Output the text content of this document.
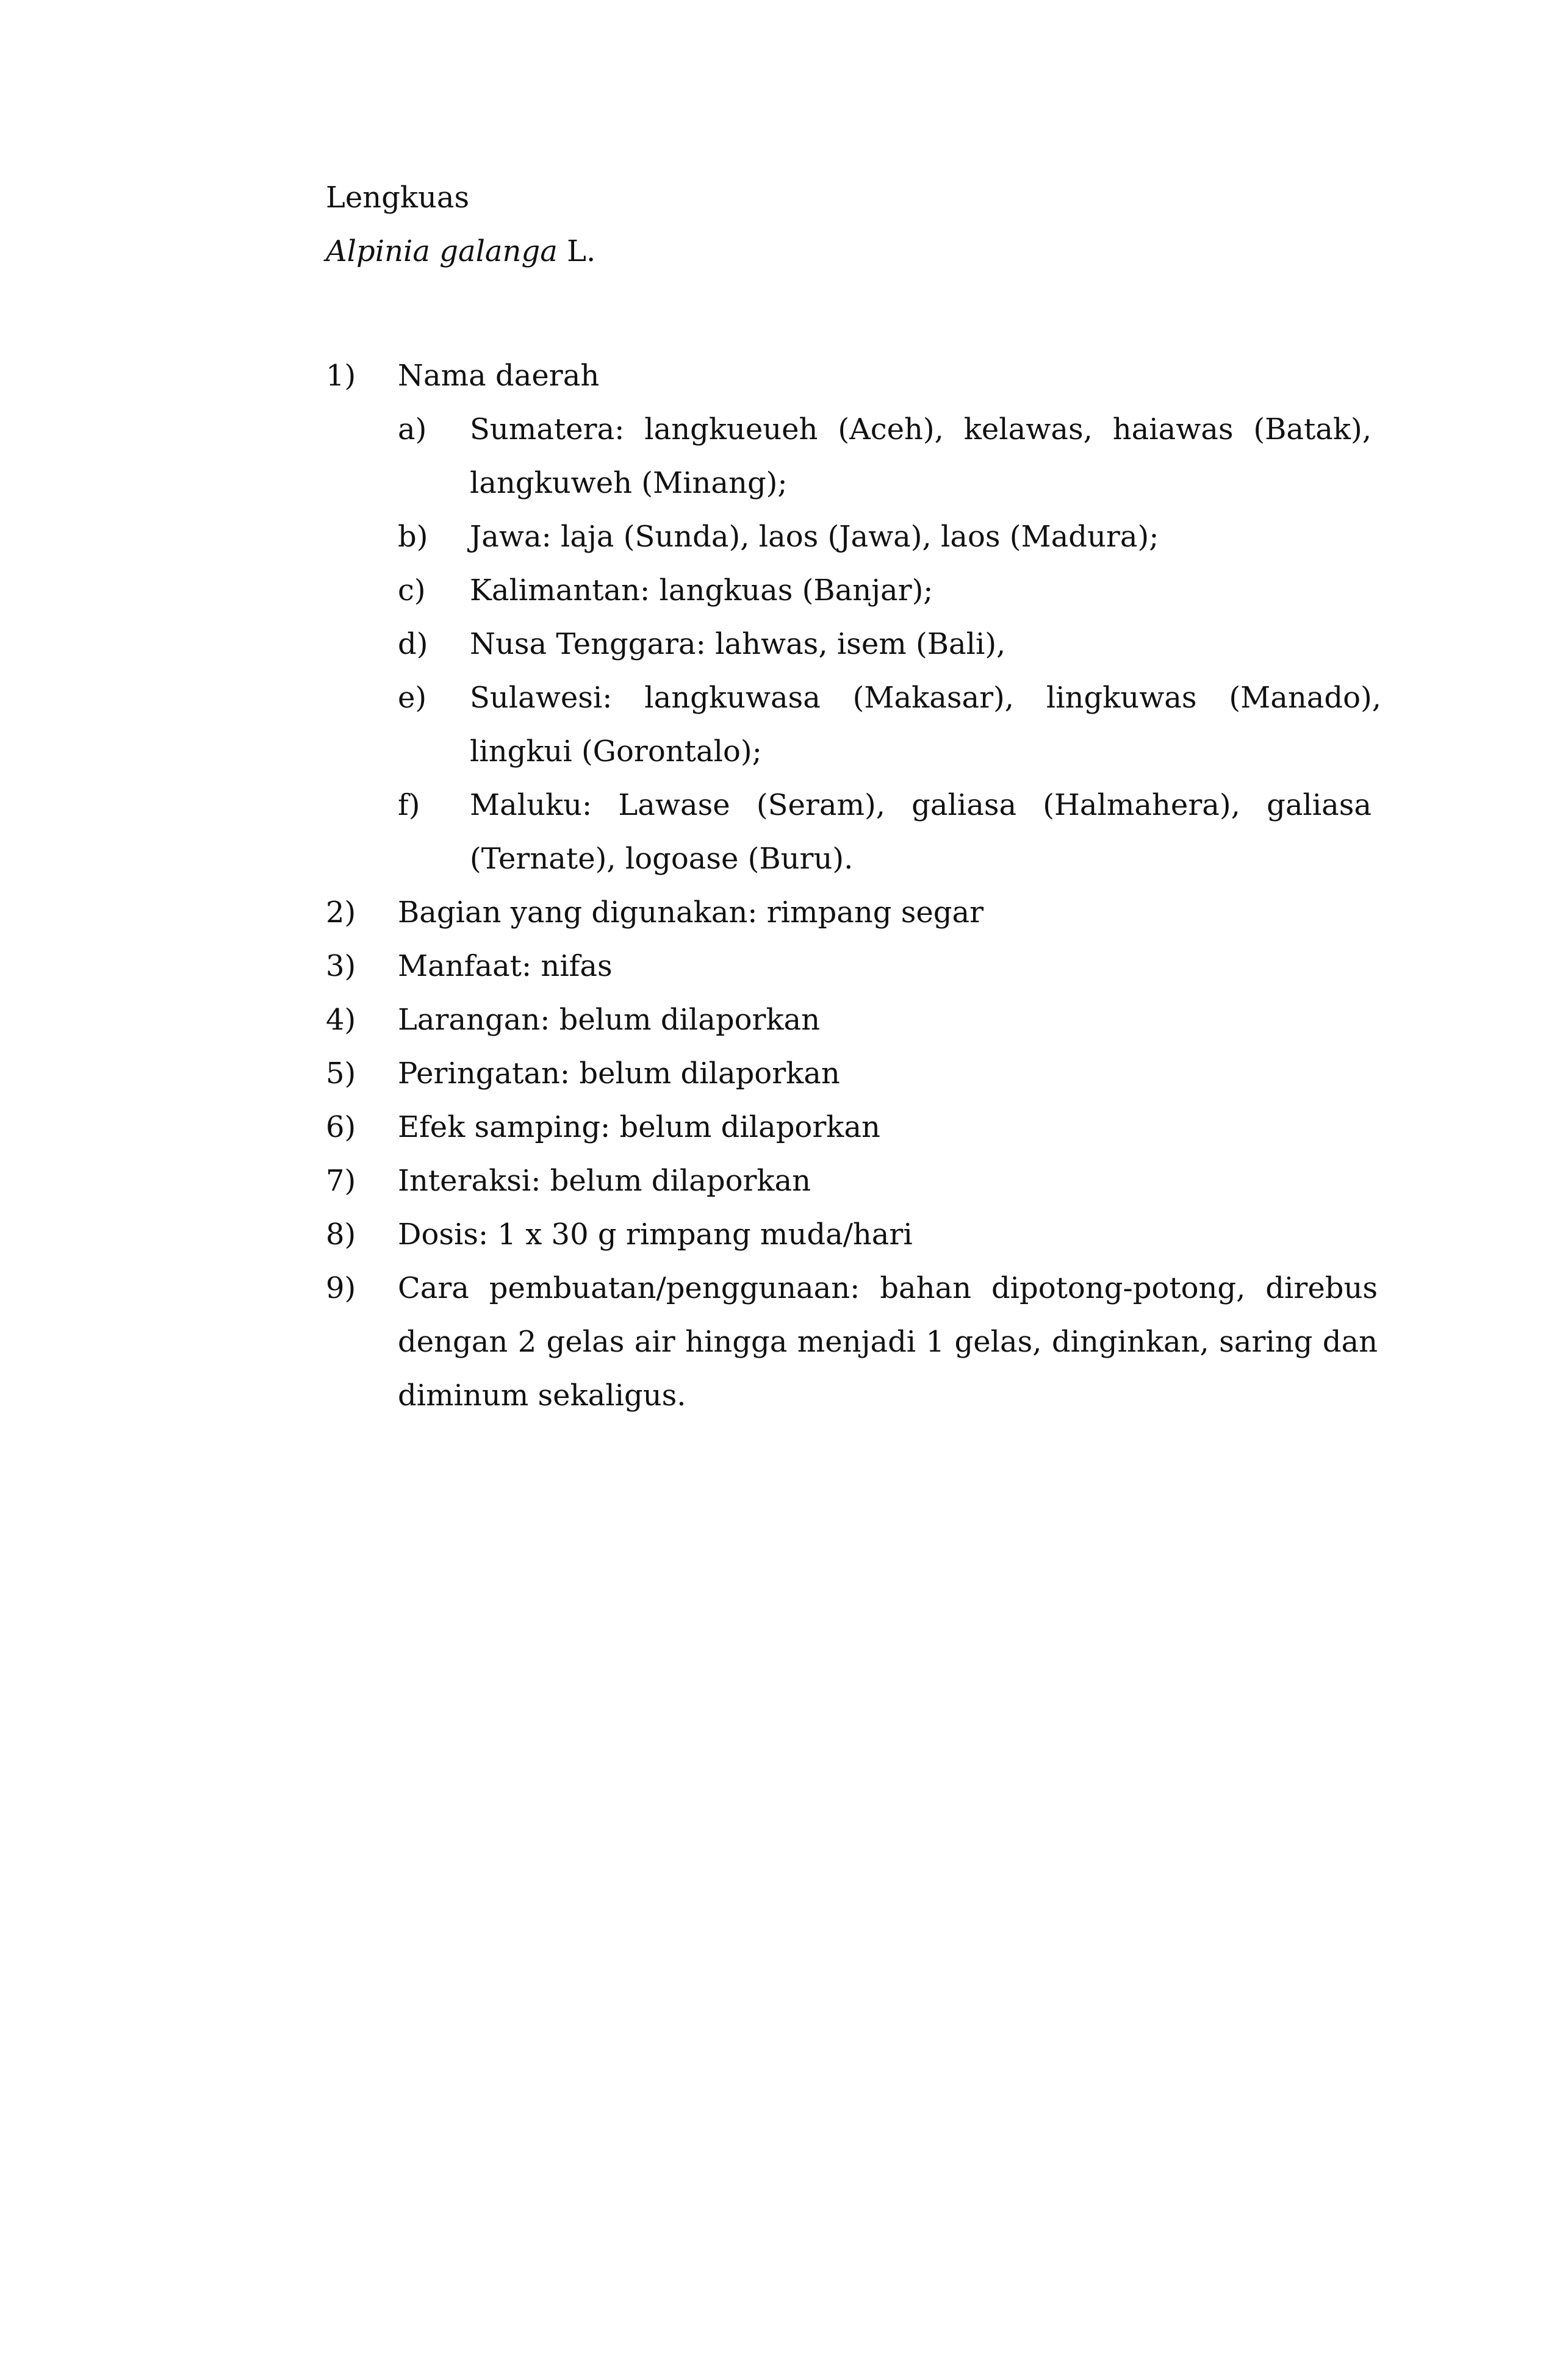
Lengkuas
Alpinia galanga L.
1)	Nama daerah
a)	Sumatera: langkueueh (Aceh), kelawas, haiawas (Batak),
langkuweh (Minang);
b)	Jawa: laja (Sunda), laos (Jawa), laos (Madura);
c)	Kalimantan: langkuas (Banjar);
d)	Nusa Tenggara: lahwas, isem (Bali),
e)	Sulawesi: langkuwasa (Makasar), lingkuwas (Manado),
lingkui (Gorontalo);
f)	Maluku: Lawase (Seram), galiasa (Halmahera), galiasa
(Ternate), logoase (Buru).
2)	Bagian yang digunakan: rimpang segar
3)	Manfaat: nifas
4)	Larangan: belum dilaporkan
5)	Peringatan: belum dilaporkan
6)	Efek samping: belum dilaporkan
7)	Interaksi: belum dilaporkan
8)	Dosis: 1 x 30 g rimpang muda/hari
9)	Cara pembuatan/penggunaan: bahan dipotong-potong, direbus
dengan 2 gelas air hingga menjadi 1 gelas, dinginkan, saring dan
diminum sekaligus.
